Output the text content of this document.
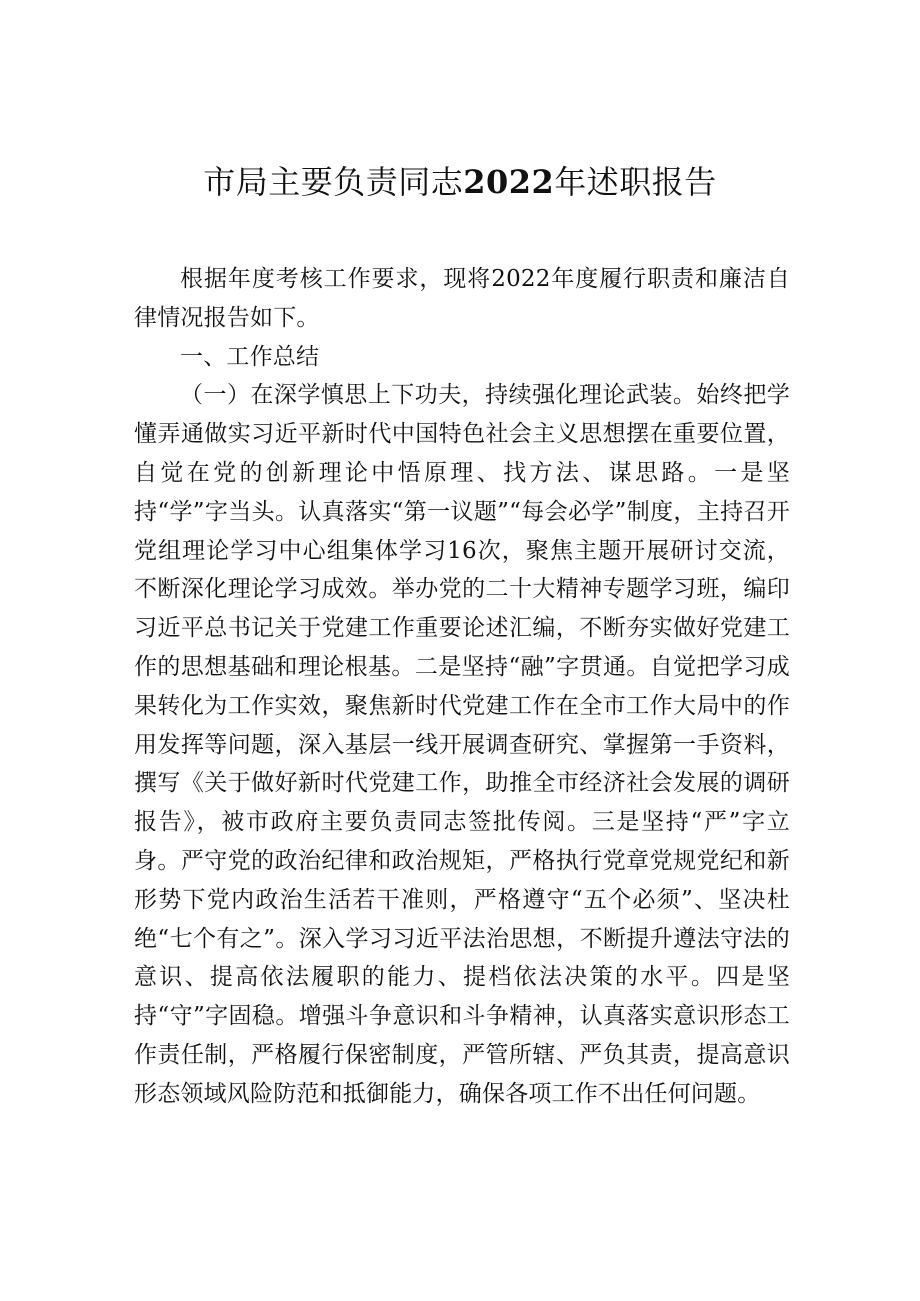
市局主要负责同志2022年述职报告

根据年度考核工作要求，现将2022年度履行职责和廉洁自律情况报告如下。

一、工作总结

（一）在深学慎思上下功夫，持续强化理论武装。始终把学懂弄通做实习近平新时代中国特色社会主义思想摆在重要位置，自觉在党的创新理论中悟原理、找方法、谋思路。一是坚持“学”字当头。认真落实“第一议题”“每会必学”制度，主持召开党组理论学习中心组集体学习16次，聚焦主题开展研讨交流，不断深化理论学习成效。举办党的二十大精神专题学习班，编印习近平总书记关于党建工作重要论述汇编，不断夯实做好党建工作的思想基础和理论根基。二是坚持“融”字贯通。自觉把学习成果转化为工作实效，聚焦新时代党建工作在全市工作大局中的作用发挥等问题，深入基层一线开展调查研究、掌握第一手资料，撰写《关于做好新时代党建工作，助推全市经济社会发展的调研报告》，被市政府主要负责同志签批传阅。三是坚持“严”字立身。严守党的政治纪律和政治规矩，严格执行党章党规党纪和新形势下党内政治生活若干准则，严格遵守“五个必须”、坚决杜绝“七个有之”。深入学习习近平法治思想，不断提升遵法守法的意识、提高依法履职的能力、提档依法决策的水平。四是坚持“守”字固稳。增强斗争意识和斗争精神，认真落实意识形态工作责任制，严格履行保密制度，严管所辖、严负其责，提高意识形态领域风险防范和抵御能力，确保各项工作不出任何问题。
